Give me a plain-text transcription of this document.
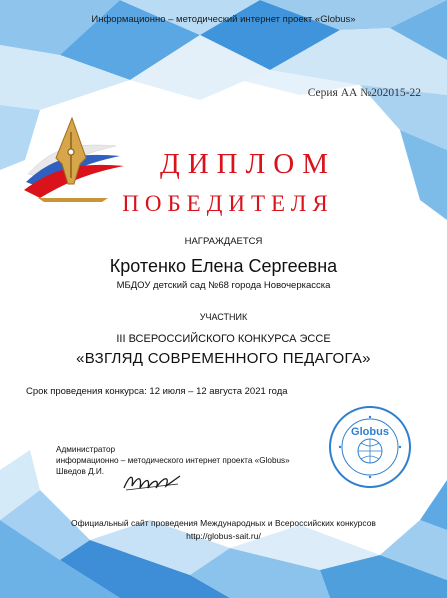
Информационно – методический интернет проект «Globus»
Серия АА №202015-22
ДИПЛОМ
ПОБЕДИТЕЛЯ
НАГРАЖДАЕТСЯ
Кротенко Елена Сергеевна
МБДОУ детский сад №68 города Новочеркасска
УЧАСТНИК
III ВСЕРОССИЙСКОГО КОНКУРСА ЭССЕ
«ВЗГЛЯД СОВРЕМЕННОГО ПЕДАГОГА»
Срок проведения конкурса: 12 июля – 12 августа 2021 года
Администратор
информационно – методического интернет проекта «Globus»
Шведов Д.И.
Globus
Официальный сайт проведения Международных и Всероссийских конкурсов
http://globus-sait.ru/
